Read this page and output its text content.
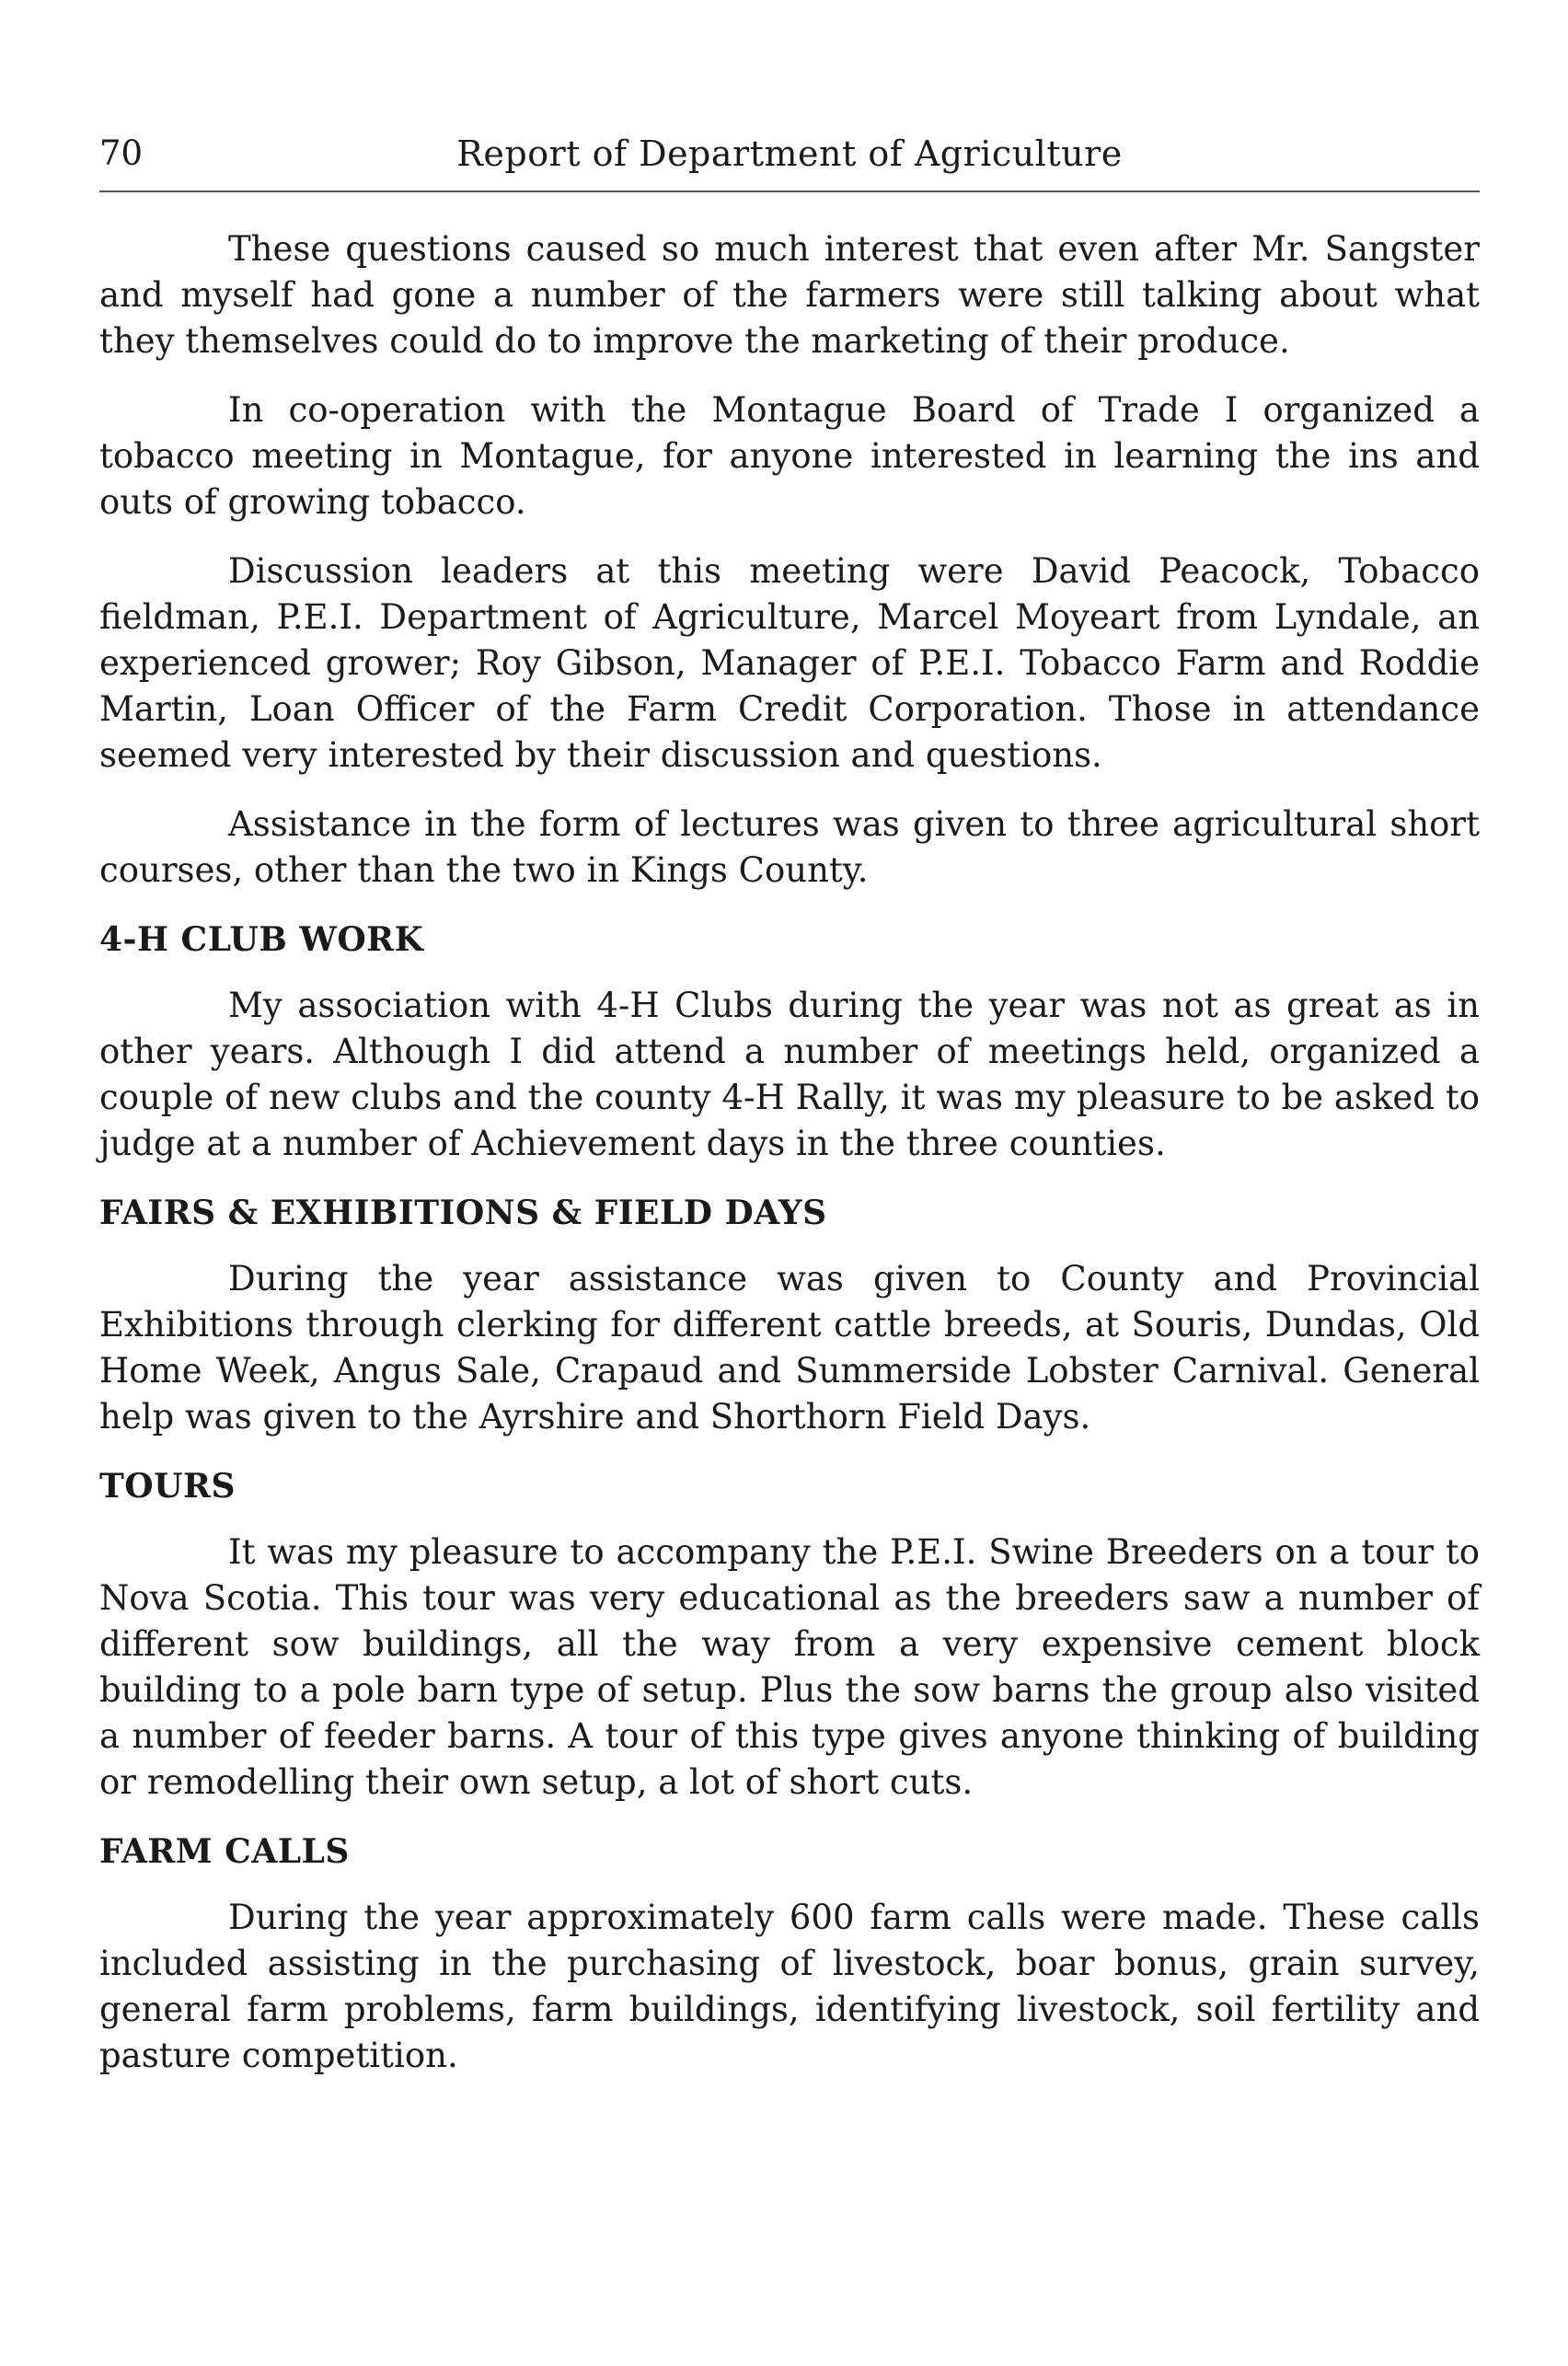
70	Report of Department of Agriculture

These questions caused so much interest that even after Mr. Sangster and myself had gone a number of the farmers were still talking about what they themselves could do to improve the marketing of their produce.

In co-operation with the Montague Board of Trade I organized a tobacco meeting in Montague, for anyone interested in learning the ins and outs of growing tobacco.

Discussion leaders at this meeting were David Peacock, Tobacco fieldman, P.E.I. Department of Agriculture, Marcel Moyeart from Lyndale, an experienced grower; Roy Gibson, Manager of P.E.I. Tobacco Farm and Roddie Martin, Loan Officer of the Farm Credit Corporation. Those in attendance seemed very interested by their discussion and questions.

Assistance in the form of lectures was given to three agricultural short courses, other than the two in Kings County.

4-H CLUB WORK

My association with 4-H Clubs during the year was not as great as in other years. Although I did attend a number of meetings held, organized a couple of new clubs and the county 4-H Rally, it was my pleasure to be asked to judge at a number of Achievement days in the three counties.

FAIRS & EXHIBITIONS & FIELD DAYS

During the year assistance was given to County and Provincial Exhibitions through clerking for different cattle breeds, at Souris, Dundas, Old Home Week, Angus Sale, Crapaud and Summerside Lobster Carnival. General help was given to the Ayrshire and Shorthorn Field Days.

TOURS

It was my pleasure to accompany the P.E.I. Swine Breeders on a tour to Nova Scotia. This tour was very educational as the breeders saw a number of different sow buildings, all the way from a very expensive cement block building to a pole barn type of setup. Plus the sow barns the group also visited a number of feeder barns. A tour of this type gives anyone thinking of building or remodelling their own setup, a lot of short cuts.

FARM CALLS

During the year approximately 600 farm calls were made. These calls included assisting in the purchasing of livestock, boar bonus, grain survey, general farm problems, farm buildings, identifying livestock, soil fertility and pasture competition.
